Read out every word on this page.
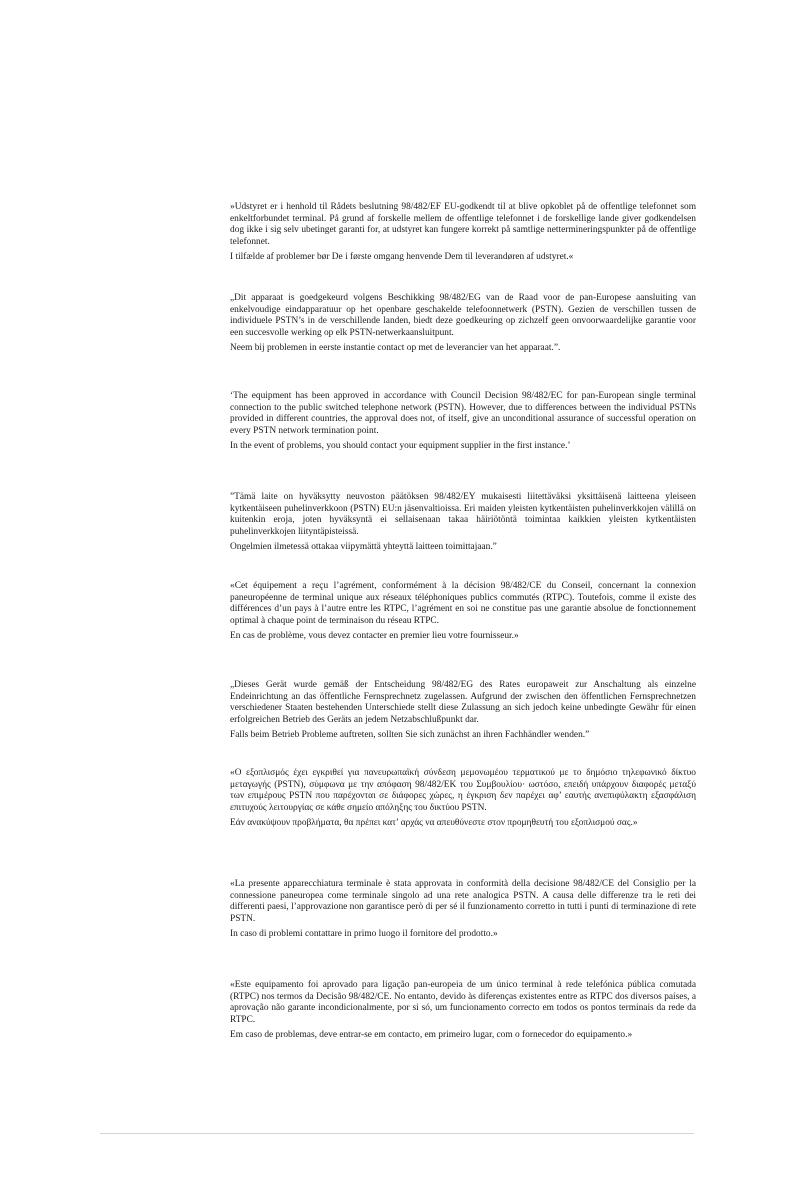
»Udstyret er i henhold til Rådets beslutning 98/482/EF EU-godkendt til at blive opkoblet på de offentlige telefonnet som enkeltforbundet terminal. På grund af forskelle mellem de offentlige telefonnet i de forskellige lande giver godkendelsen dog ikke i sig selv ubetinget garanti for, at udstyret kan fungere korrekt på samtlige nettermineringspunkter på de offentlige telefonnet.

I tilfælde af problemer bør De i første omgang henvende Dem til leverandøren af udstyret.«

„Dit apparaat is goedgekeurd volgens Beschikking 98/482/EG van de Raad voor de pan-Europese aansluiting van enkelvoudige eindapparatuur op het openbare geschakelde telefoonnetwerk (PSTN). Gezien de verschillen tussen de individuele PSTN’s in de verschillende landen, biedt deze goedkeuring op zichzelf geen onvoorwaardelijke garantie voor een succesvolle werking op elk PSTN-netwerkaansluitpunt.

Neem bij problemen in eerste instantie contact op met de leverancier van het apparaat.”.

‘The equipment has been approved in accordance with Council Decision 98/482/EC for pan-European single terminal connection to the public switched telephone network (PSTN). However, due to differences between the individual PSTNs provided in different countries, the approval does not, of itself, give an unconditional assurance of successful operation on every PSTN network termination point.

In the event of problems, you should contact your equipment supplier in the first instance.’

”Tämä laite on hyväksytty neuvoston päätöksen 98/482/EY mukaisesti liitettäväksi yksittäisenä laitteena yleiseen kytkentäiseen puhelinverkkoon (PSTN) EU:n jäsenvaltioissa. Eri maiden yleisten kytkentäisten puhelinverkkojen välillä on kuitenkin eroja, joten hyväksyntä ei sellaisenaan takaa häiriötöntä toimintaa kaikkien yleisten kytkentäisten puhelinverkkojen liityntäpisteissä.

Ongelmien ilmetessä ottakaa viipymättä yhteyttä laitteen toimittajaan.”

«Cet équipement a reçu l’agrément, conformément à la décision 98/482/CE du Conseil, concernant la connexion paneuropéenne de terminal unique aux réseaux téléphoniques publics commutés (RTPC). Toutefois, comme il existe des différences d’un pays à l’autre entre les RTPC, l’agrément en soi ne constitue pas une garantie absolue de fonctionnement optimal à chaque point de terminaison du réseau RTPC.

En cas de problème, vous devez contacter en premier lieu votre fournisseur.»

„Dieses Gerät wurde gemäß der Entscheidung 98/482/EG des Rates europaweit zur Anschaltung als einzelne Endeinrichtung an das öffentliche Fernsprechnetz zugelassen. Aufgrund der zwischen den öffentlichen Fernsprechnetzen verschiedener Staaten bestehenden Unterschiede stellt diese Zulassung an sich jedoch keine unbedingte Gewähr für einen erfolgreichen Betrieb des Geräts an jedem Netzabschlußpunkt dar.

Falls beim Betrieb Probleme auftreten, sollten Sie sich zunächst an ihren Fachhändler wenden.”

«Ο εξοπλισμός έχει εγκριθεί για πανευρωπαϊκή σύνδεση μεμονωμέου τερματικού με το δημόσιο τηλεφωνικό δίκτυο μεταγωγής (PSTN), σύμφωνα με την απόφαση 98/482/ΕΚ του Συμβουλίου· ωστόσο, επειδή υπάρχουν διαφορές μεταξύ των επιμέρους PSTN που παρέχονται σε διάφορες χώρες, η έγκριση δεν παρέχει αφ’ εαυτής ανεπιφύλακτη εξασφάλιση επιτυχούς λειτουργίας σε κάθε σημείο απόληξης του δικτύου PSTN.

Εάν ανακύψουν προβλήματα, θα πρέπει κατ’ αρχάς να απευθύνεστε στον προμηθευτή του εξοπλισμού σας.»

«La presente apparecchiatura terminale è stata approvata in conformità della decisione 98/482/CE del Consiglio per la connessione paneuropea come terminale singolo ad una rete analogica PSTN. A causa delle differenze tra le reti dei differenti paesi, l’approvazione non garantisce però di per sé il funzionamento corretto in tutti i punti di terminazione di rete PSTN.

In caso di problemi contattare in primo luogo il fornitore del prodotto.»

«Este equipamento foi aprovado para ligação pan-europeia de um único terminal à rede telefónica pública comutada (RTPC) nos termos da Decisão 98/482/CE. No entanto, devido às diferenças existentes entre as RTPC dos diversos países, a aprovação não garante incondicionalmente, por si só, um funcionamento correcto em todos os pontos terminais da rede da RTPC.

Em caso de problemas, deve entrar-se em contacto, em primeiro lugar, com o fornecedor do equipamento.»
